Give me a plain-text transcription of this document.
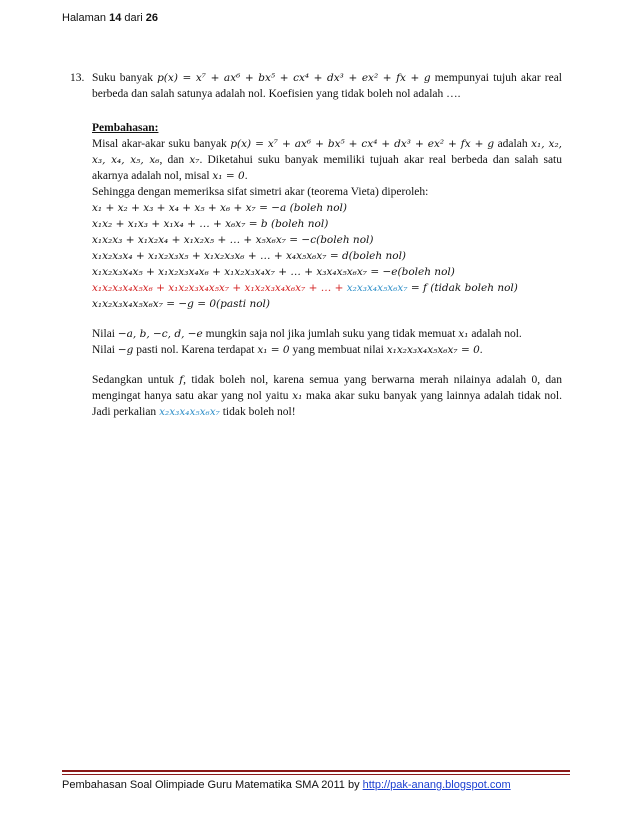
Halaman 14 dari 26
13. Suku banyak p(x) = x⁷ + ax⁶ + bx⁵ + cx⁴ + dx³ + ex² + fx + g mempunyai tujuh akar real berbeda dan salah satunya adalah nol. Koefisien yang tidak boleh nol adalah ….

Pembahasan:

Misal akar-akar suku banyak p(x) = x⁷ + ax⁶ + bx⁵ + cx⁴ + dx³ + ex² + fx + g adalah x₁, x₂, x₃, x₄, x₅, x₆, dan x₇. Diketahui suku banyak memiliki tujuah akar real berbeda dan salah satu akarnya adalah nol, misal x₁ = 0.

Sehingga dengan memeriksa sifat simetri akar (teorema Vieta) diperoleh:

x₁ + x₂ + x₃ + x₄ + x₅ + x₆ + x₇ = −a (boleh nol)

x₁x₂ + x₁x₃ + x₁x₄ + … + x₆x₇ = b (boleh nol)

x₁x₂x₃ + x₁x₂x₄ + x₁x₂x₅ + … + x₅x₆x₇ = −c(boleh nol)

x₁x₂x₃x₄ + x₁x₂x₃x₅ + x₁x₂x₃x₆ + … + x₄x₅x₆x₇ = d(boleh nol)

x₁x₂x₃x₄x₅ + x₁x₂x₃x₄x₆ + x₁x₂x₃x₄x₇ + … + x₃x₄x₅x₆x₇ = −e(boleh nol)

x₁x₂x₃x₄x₅x₆ + x₁x₂x₃x₄x₅x₇ + x₁x₂x₃x₄x₆x₇ + … + x₂x₃x₄x₅x₆x₇ = f (tidak boleh nol)

x₁x₂x₃x₄x₅x₆x₇ = −g = 0(pasti nol)

Nilai −a, b, −c, d, −e mungkin saja nol jika jumlah suku yang tidak memuat x₁ adalah nol.

Nilai −g pasti nol. Karena terdapat x₁ = 0 yang membuat nilai x₁x₂x₃x₄x₅x₆x₇ = 0.

Sedangkan untuk f, tidak boleh nol, karena semua yang berwarna merah nilainya adalah 0, dan mengingat hanya satu akar yang nol yaitu x₁ maka akar suku banyak yang lainnya adalah tidak nol. Jadi perkalian x₂x₃x₄x₅x₆x₇ tidak boleh nol!

Pembahasan Soal Olimpiade Guru Matematika SMA 2011 by http://pak-anang.blogspot.com
